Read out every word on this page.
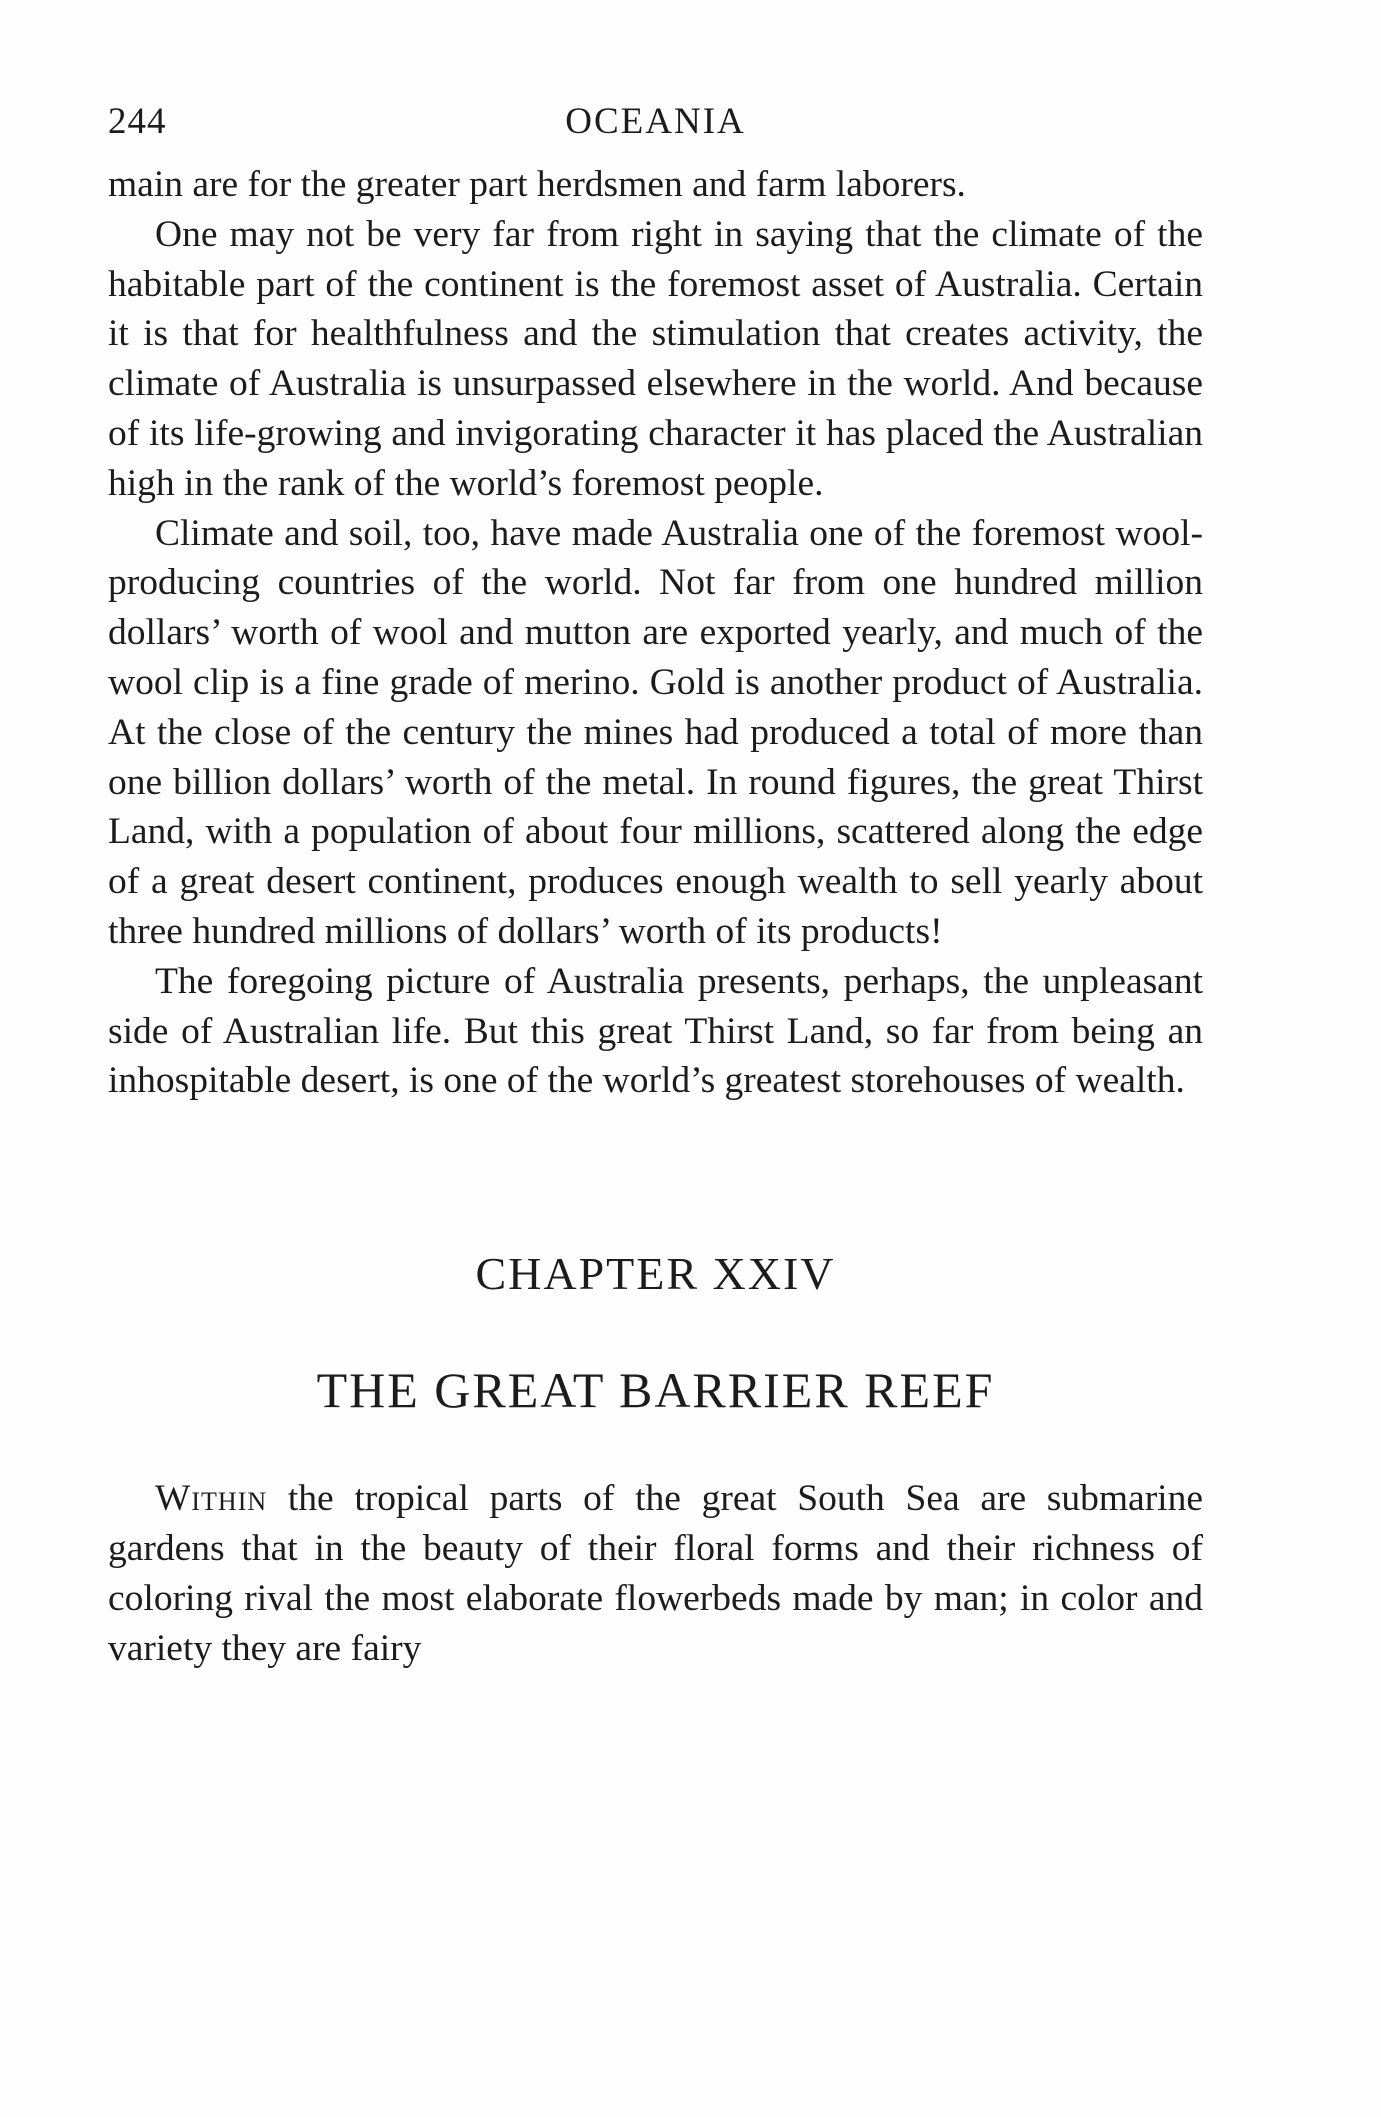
244	OCEANIA

main are for the greater part herdsmen and farm laborers.

One may not be very far from right in saying that the climate of the habitable part of the continent is the foremost asset of Australia. Certain it is that for healthfulness and the stimulation that creates activity, the climate of Australia is unsurpassed elsewhere in the world. And because of its life-growing and invigorating character it has placed the Australian high in the rank of the world’s foremost people.

Climate and soil, too, have made Australia one of the foremost wool-producing countries of the world. Not far from one hundred million dollars’ worth of wool and mutton are exported yearly, and much of the wool clip is a fine grade of merino. Gold is another product of Australia. At the close of the century the mines had produced a total of more than one billion dollars’ worth of the metal. In round figures, the great Thirst Land, with a population of about four millions, scattered along the edge of a great desert continent, produces enough wealth to sell yearly about three hundred millions of dollars’ worth of its products!

The foregoing picture of Australia presents, perhaps, the unpleasant side of Australian life. But this great Thirst Land, so far from being an inhospitable desert, is one of the world’s greatest storehouses of wealth.

CHAPTER XXIV

THE GREAT BARRIER REEF

Within the tropical parts of the great South Sea are submarine gardens that in the beauty of their floral forms and their richness of coloring rival the most elaborate flowerbeds made by man; in color and variety they are fairy
